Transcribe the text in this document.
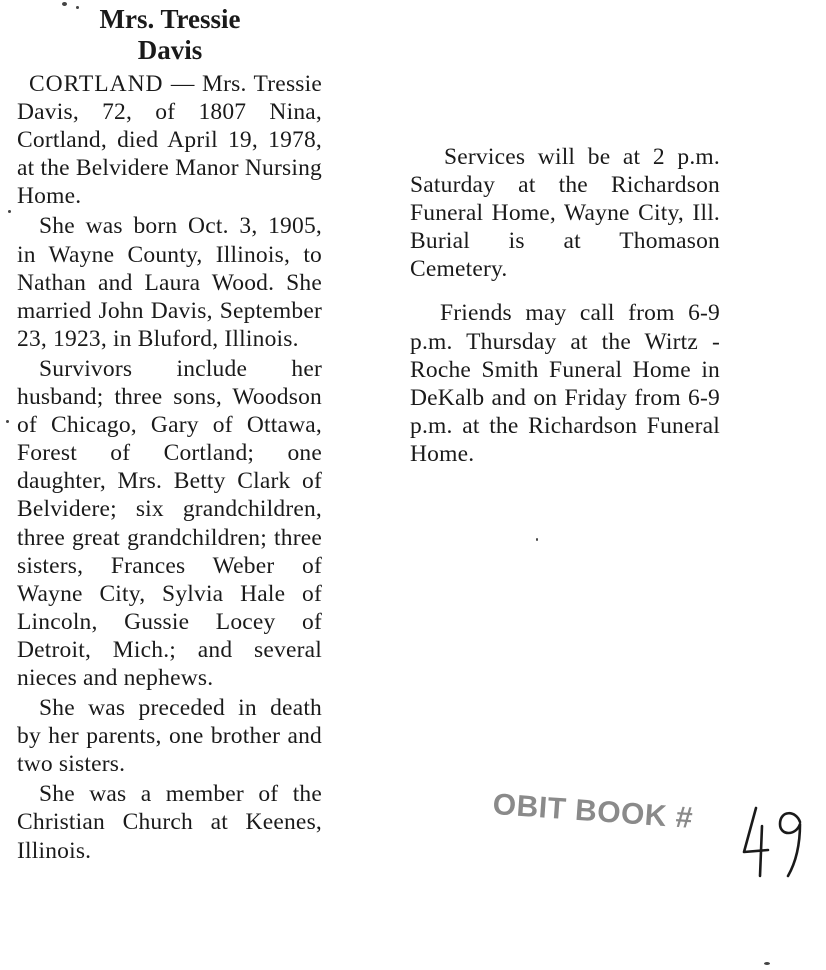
Mrs. Tressie
Davis

CORTLAND — Mrs. Tressie Davis, 72, of 1807 Nina, Cortland, died April 19, 1978, at the Belvidere Manor Nursing Home.

She was born Oct. 3, 1905, in Wayne County, Illinois, to Nathan and Laura Wood. She married John Davis, September 23, 1923, in Bluford, Illinois.

Survivors include her husband; three sons, Woodson of Chicago, Gary of Ottawa, Forest of Cortland; one daughter, Mrs. Betty Clark of Belvidere; six grandchildren, three great grandchildren; three sisters, Frances Weber of Wayne City, Sylvia Hale of Lincoln, Gussie Locey of Detroit, Mich.; and several nieces and nephews.

She was preceded in death by her parents, one brother and two sisters.

She was a member of the Christian Church at Keenes, Illinois.

Services will be at 2 p.m. Saturday at the Richardson Funeral Home, Wayne City, Ill. Burial is at Thomason Cemetery.

Friends may call from 6-9 p.m. Thursday at the Wirtz - Roche Smith Funeral Home in DeKalb and on Friday from 6-9 p.m. at the Richardson Funeral Home.

OBIT BOOK #
